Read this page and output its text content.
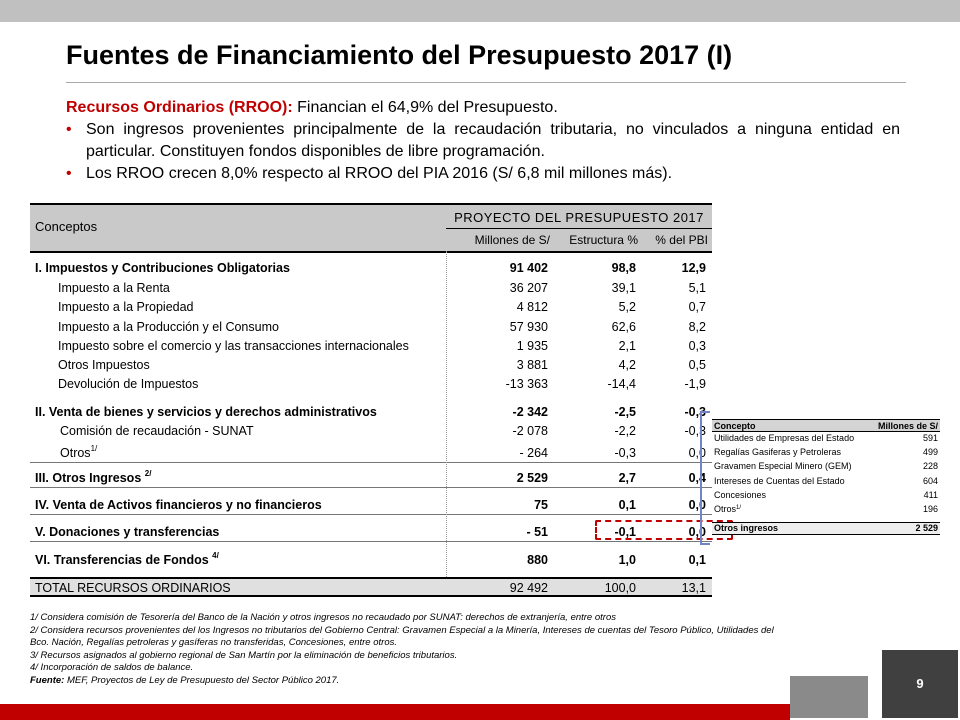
Fuentes de Financiamiento del Presupuesto 2017 (I)
Recursos Ordinarios (RROO): Financian el 64,9% del Presupuesto.
• Son ingresos provenientes principalmente de la recaudación tributaria, no vinculados a ninguna entidad en particular. Constituyen fondos disponibles de libre programación.
• Los RROO crecen 8,0% respecto al RROO del PIA 2016 (S/ 6,8 mil millones más).
Conceptos
PROYECTO DEL PRESUPUESTO 2017
Millones de S/	Estructura %	% del PBI
I. Impuestos y Contribuciones Obligatorias	91 402	98,8	12,9
Impuesto a la Renta	36 207	39,1	5,1
Impuesto a la Propiedad	4 812	5,2	0,7
Impuesto a la Producción y el Consumo	57 930	62,6	8,2
Impuesto sobre el comercio y las transacciones internacionales	1 935	2,1	0,3
Otros Impuestos	3 881	4,2	0,5
Devolución de Impuestos	-13 363	-14,4	-1,9
II. Venta de bienes y servicios y derechos administrativos	-2 342	-2,5	-0,3
Comisión de recaudación - SUNAT	-2 078	-2,2	-0,3
Otros$^{1/}$	- 264	-0,3	0,0
III. Otros Ingresos $^{2/}$	2 529	2,7	0,4
IV. Venta de Activos financieros y no financieros	75	0,1	0,0
V. Donaciones y transferencias	- 51	-0,1	0,0
VI. Transferencias de Fondos $^{4/}$	880	1,0	0,1
TOTAL RECURSOS ORDINARIOS	92 492	100,0	13,1
Concepto	Millones de S/
Utilidades de Empresas del Estado	591
Regalías Gasiferas y Petroleras	499
Gravamen Especial Minero (GEM)	228
Intereses de Cuentas del Estado	604
Concesiones	411
Otros$^{1/}$	196
Otros ingresos	2 529
1/ Considera comisión de Tesorería del Banco de la Nación y otros ingresos no recaudado por SUNAT: derechos de extranjería, entre otros
2/ Considera recursos provenientes del los Ingresos no tributarios del Gobierno Central: Gravamen Especial a la Minería, Intereses de cuentas del Tesoro Público, Utilidades del
Bco. Nación, Regalías petroleras y gasíferas no transferidas, Concesiones, entre otros.
3/ Recursos asignados al gobierno regional de San Martín por la eliminación de beneficios tributarios.
4/ Incorporación de saldos de balance.
Fuente: MEF, Proyectos de Ley de Presupuesto del Sector Público 2017.	9
